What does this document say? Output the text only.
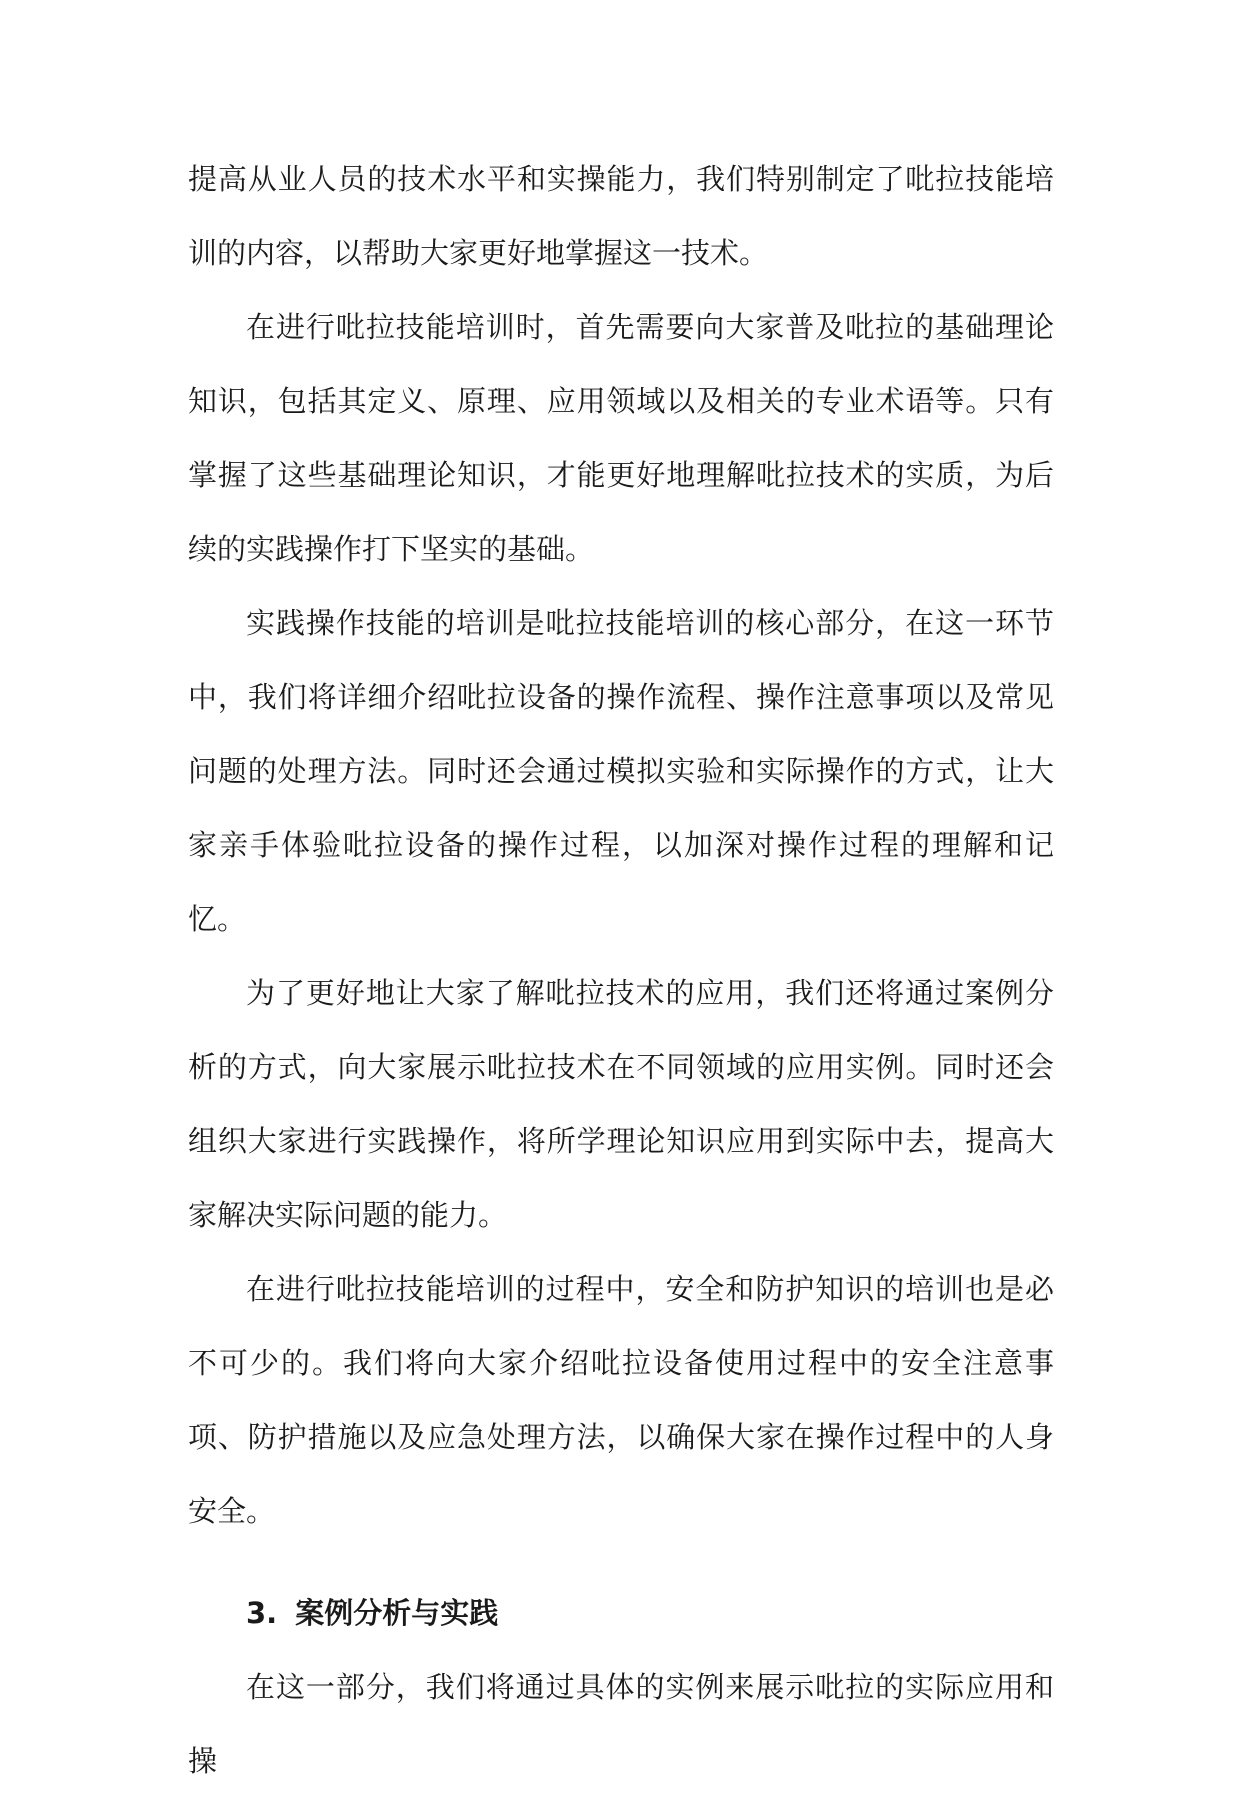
提高从业人员的技术水平和实操能力，我们特别制定了吡拉技能培训的内容，以帮助大家更好地掌握这一技术。

在进行吡拉技能培训时，首先需要向大家普及吡拉的基础理论知识，包括其定义、原理、应用领域以及相关的专业术语等。只有掌握了这些基础理论知识，才能更好地理解吡拉技术的实质，为后续的实践操作打下坚实的基础。

实践操作技能的培训是吡拉技能培训的核心部分，在这一环节中，我们将详细介绍吡拉设备的操作流程、操作注意事项以及常见问题的处理方法。同时还会通过模拟实验和实际操作的方式，让大家亲手体验吡拉设备的操作过程，以加深对操作过程的理解和记忆。

为了更好地让大家了解吡拉技术的应用，我们还将通过案例分析的方式，向大家展示吡拉技术在不同领域的应用实例。同时还会组织大家进行实践操作，将所学理论知识应用到实际中去，提高大家解决实际问题的能力。

在进行吡拉技能培训的过程中，安全和防护知识的培训也是必不可少的。我们将向大家介绍吡拉设备使用过程中的安全注意事项、防护措施以及应急处理方法，以确保大家在操作过程中的人身安全。

3. 案例分析与实践

在这一部分，我们将通过具体的实例来展示吡拉的实际应用和操
